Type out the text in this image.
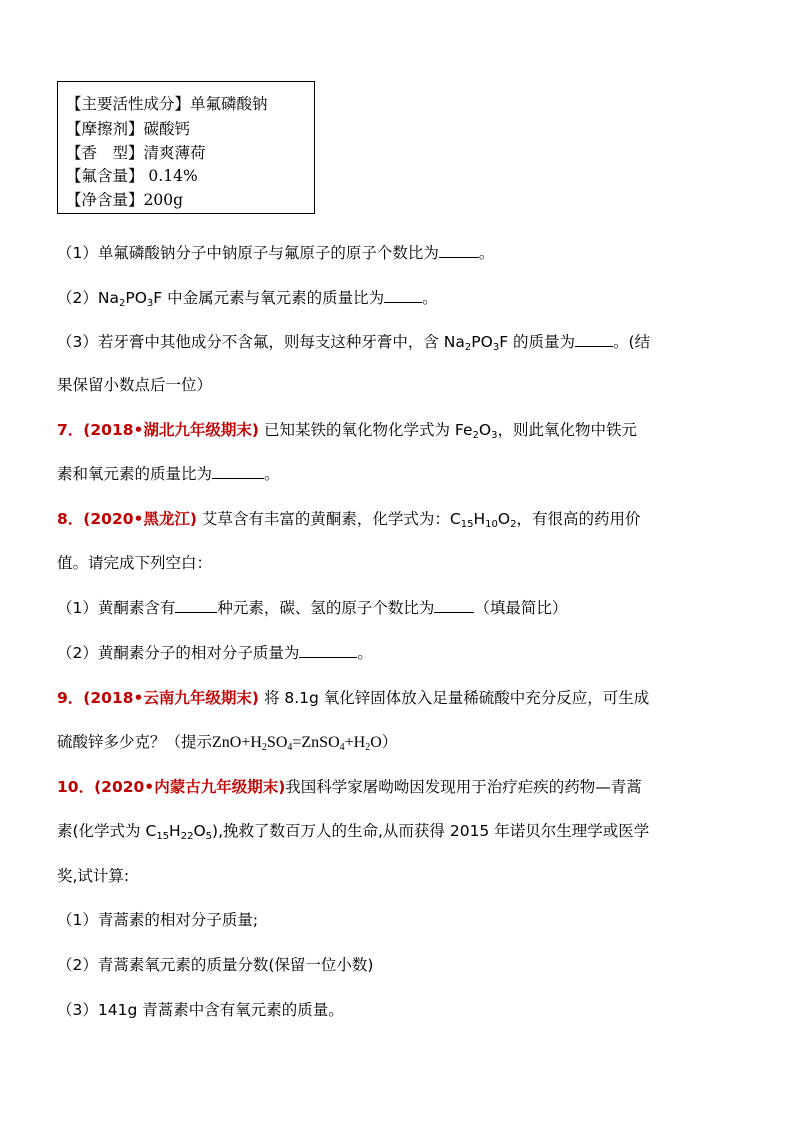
【主要活性成分】单氟磷酸钠
【摩擦剂】碳酸钙
【香　型】清爽薄荷
【氟含量】 0.14%
【净含量】200g
（1）单氟磷酸钠分子中钠原子与氟原子的原子个数比为	。
$(2)Na_2PO_3F$ 中金属元素与氧元素的质量比为 。
（3）若牙膏中其他成分不含氟，则每支这种牙膏中，含 $Na_2PO_3F$ 的质量为 。(结
果保留小数点后一位）
7．(2018•湖北九年级期末) 已知某铁的氧化物化学式为 $Fe_2O_3$，则此氧化物中铁元
素和氧元素的质量比为	。
8．(2020•黑龙江) 艾草含有丰富的黄酮素，化学式为：$C_{15}H_{10}O_2$，有很高的药用价
值。请完成下列空白：
（1）黄酮素含有	种元素，碳、氢的原子个数比为	（填最简比）
（2）黄酮素分子的相对分子质量为	。
9．(2018•云南九年级期末) 将 8.1g 氧化锌固体放入足量稀硫酸中充分反应，可生成
硫酸锌多少克？（提示$ZnO+H_2SO_4=ZnSO_4+H_2O$）
10．(2020•内蒙古九年级期末)我国科学家屠呦呦因发现用于治疗疟疾的药物—青蒿
素(化学式为 $C_{15}H_{22}O_5$),挽救了数百万人的生命,从而获得 2015 年诺贝尔生理学或医学
奖,试计算:
（1）青蒿素的相对分子质量;
（2）青蒿素氧元素的质量分数(保留一位小数)
（3）141g 青蒿素中含有氧元素的质量。
